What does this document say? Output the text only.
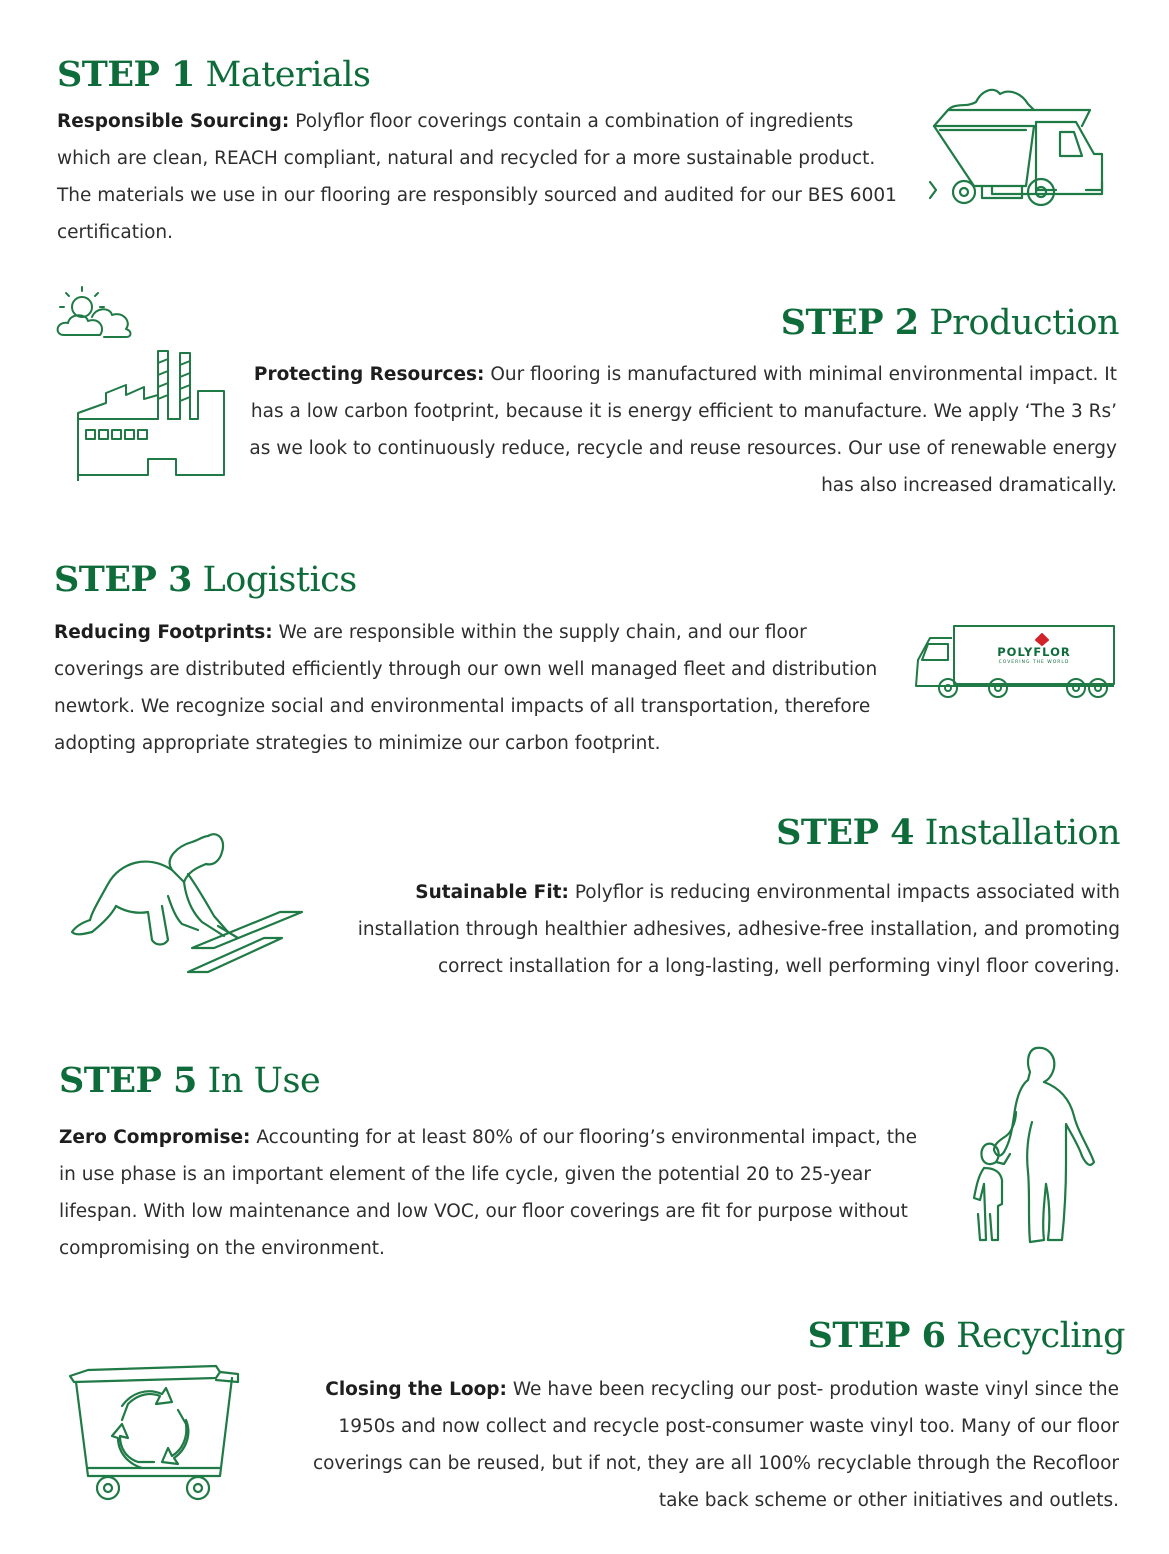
STEP 1 Materials
Responsible Sourcing: Polyflor floor coverings contain a combination of ingredients which are clean, REACH compliant, natural and recycled for a more sustainable product. The materials we use in our flooring are responsibly sourced and audited for our BES 6001 certification.
STEP 2 Production
Protecting Resources: Our flooring is manufactured with minimal environmental impact. It has a low carbon footprint, because it is energy efficient to manufacture. We apply ‘The 3 Rs’ as we look to continuously reduce, recycle and reuse resources. Our use of renewable energy has also increased dramatically.
STEP 3 Logistics
Reducing Footprints: We are responsible within the supply chain, and our floor coverings are distributed efficiently through our own well managed fleet and distribution newtork. We recognize social and environmental impacts of all transportation, therefore adopting appropriate strategies to minimize our carbon footprint.
POLYFLOR
COVERING THE WORLD
STEP 4 Installation
Sutainable Fit: Polyflor is reducing environmental impacts associated with installation through healthier adhesives, adhesive-free installation, and promoting correct installation for a long-lasting, well performing vinyl floor covering.
STEP 5 In Use
Zero Compromise: Accounting for at least 80% of our flooring’s environmental impact, the in use phase is an important element of the life cycle, given the potential 20 to 25-year lifespan. With low maintenance and low VOC, our floor coverings are fit for purpose without compromising on the environment.
STEP 6 Recycling
Closing the Loop: We have been recycling our post- prodution waste vinyl since the 1950s and now collect and recycle post-consumer waste vinyl too. Many of our floor coverings can be reused, but if not, they are all 100% recyclable through the Recofloor take back scheme or other initiatives and outlets.
